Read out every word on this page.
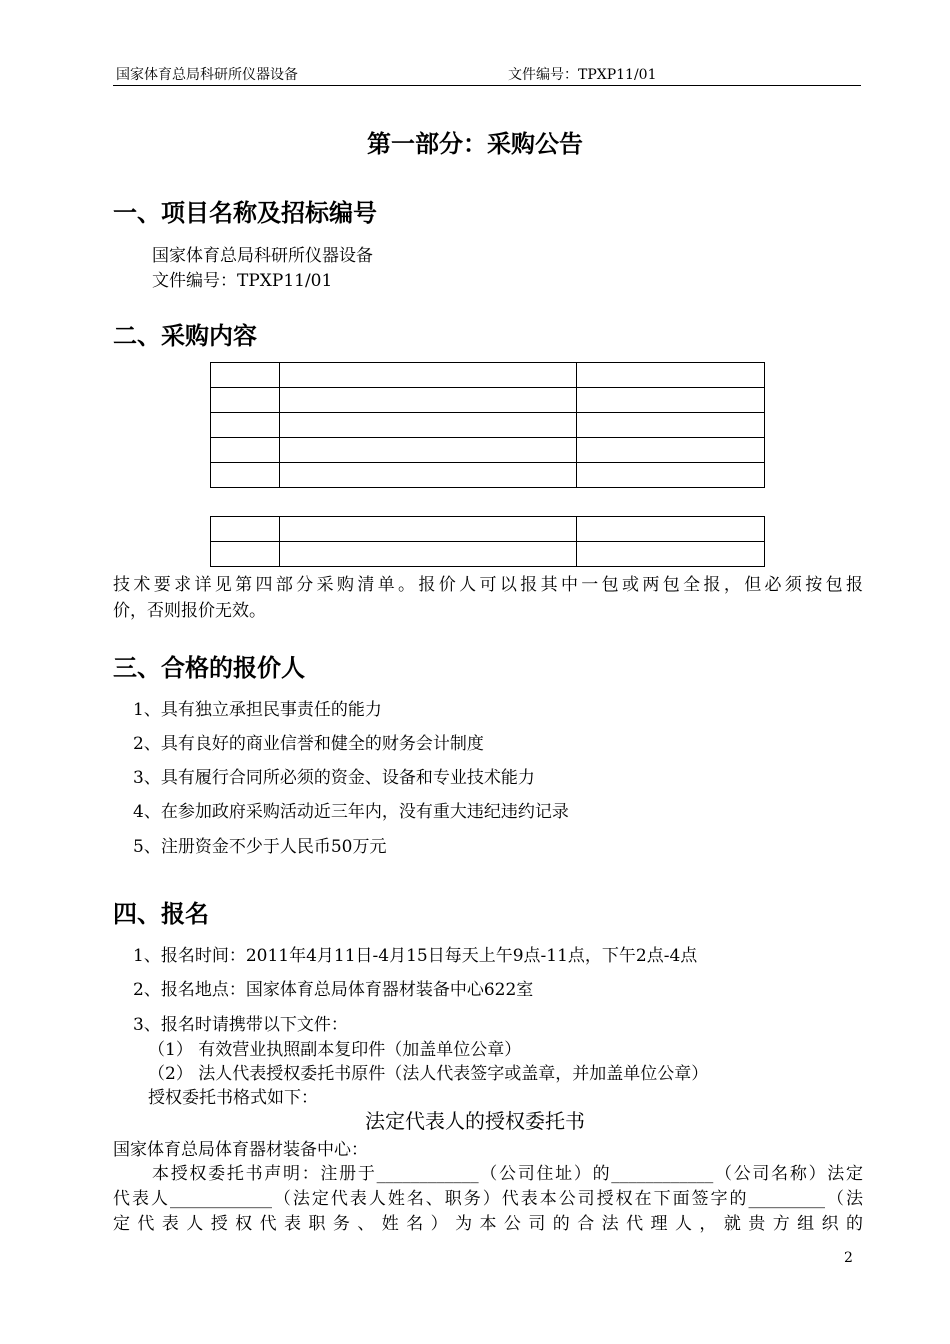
国家体育总局科研所仪器设备	文件编号：TPXP11/01
第一部分：采购公告
一、项目名称及招标编号
国家体育总局科研所仪器设备
文件编号：TPXP11/01
二、采购内容

技术要求详见第四部分采购清单。报价人可以报其中一包或两包全报，但必须按包报
价，否则报价无效。
三、合格的报价人
1、具有独立承担民事责任的能力
2、具有良好的商业信誉和健全的财务会计制度
3、具有履行合同所必须的资金、设备和专业技术能力
4、在参加政府采购活动近三年内，没有重大违纪违约记录
5、注册资金不少于人民币50万元
四、报名
1、报名时间：2011年4月11日-4月15日每天上午9点-11点，下午2点-4点
2、报名地点：国家体育总局体育器材装备中心622室
3、报名时请携带以下文件：
（1） 有效营业执照副本复印件（加盖单位公章）
（2） 法人代表授权委托书原件（法人代表签字或盖章，并加盖单位公章）
授权委托书格式如下：
法定代表人的授权委托书
国家体育总局体育器材装备中心：
本授权委托书声明：注册于____________（公司住址）的____________（公司名称）法定
代表人____________（法定代表人姓名、职务）代表本公司授权在下面签字的_________（法
定代表人授权代表职务、姓名）为本公司的合法代理人，就贵方组织的
2
